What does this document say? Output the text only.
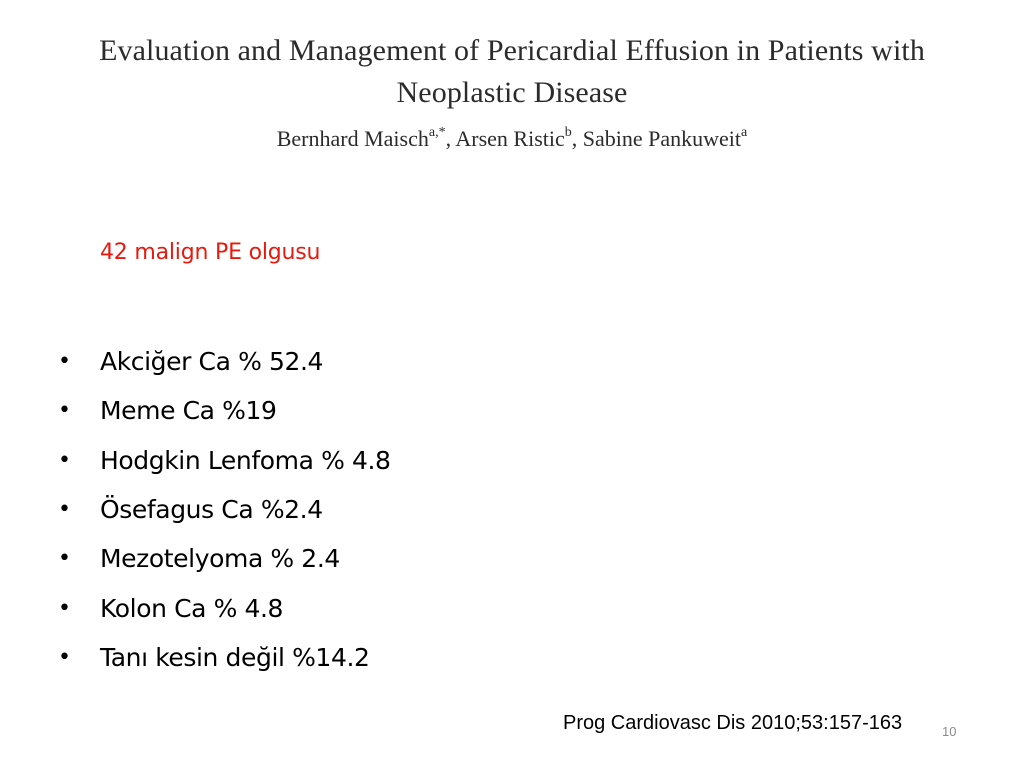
Evaluation and Management of Pericardial Effusion in Patients with
Neoplastic Disease
Bernhard Maisch$^{a,*}$, Arsen Ristic$^b$, Sabine Pankuweit$^a$
42 malign PE olgusu
•	Akciğer Ca % 52.4
•	Meme Ca %19
•	Hodgkin Lenfoma % 4.8
•	Ösefagus Ca %2.4
•	Mezotelyoma % 2.4
•	Kolon Ca % 4.8
•	Tanı kesin değil %14.2
Prog Cardiovasc Dis 2010;53:157-163	10
